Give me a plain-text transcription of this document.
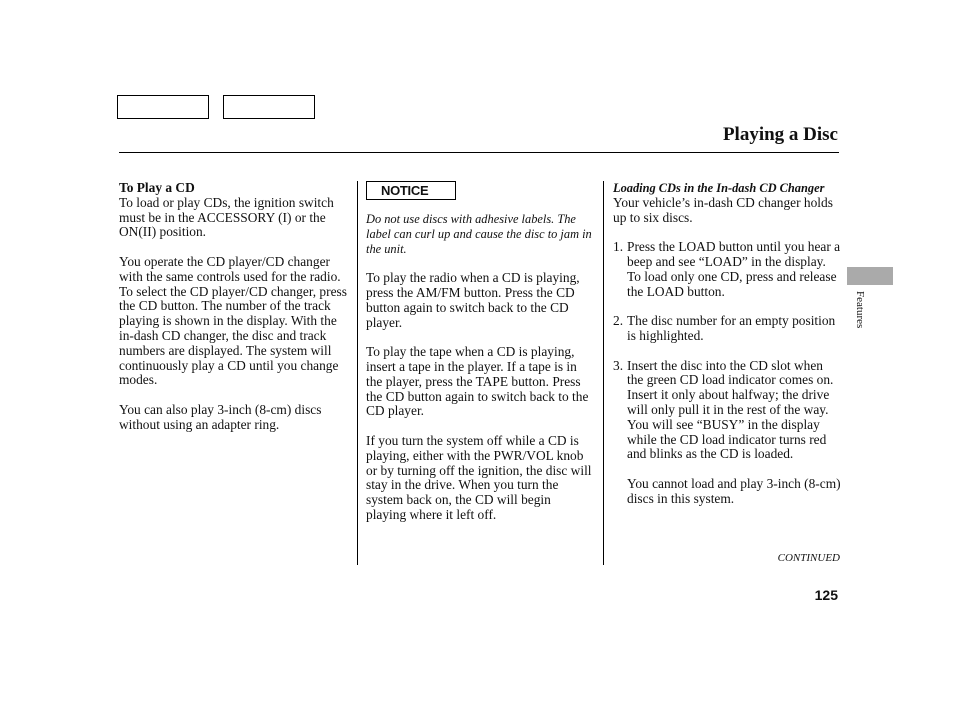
Playing a Disc
To Play a CD

To load or play CDs, the ignition switch must be in the ACCESSORY (I) or the ON(II) position.

You operate the CD player/CD changer with the same controls used for the radio. To select the CD player/CD changer, press the CD button. The number of the track playing is shown in the display. With the in-dash CD changer, the disc and track numbers are displayed. The system will continuously play a CD until you change modes.

You can also play 3-inch (8-cm) discs without using an adapter ring.

NOTICE

Do not use discs with adhesive labels. The label can curl up and cause the disc to jam in the unit.

To play the radio when a CD is playing, press the AM/FM button. Press the CD button again to switch back to the CD player.

To play the tape when a CD is playing, insert a tape in the player. If a tape is in the player, press the TAPE button. Press the CD button again to switch back to the CD player.

If you turn the system off while a CD is playing, either with the PWR/VOL knob or by turning off the ignition, the disc will stay in the drive. When you turn the system back on, the CD will begin playing where it left off.

Loading CDs in the In-dash CD Changer

Your vehicle’s in-dash CD changer holds up to six discs.

1. Press the LOAD button until you hear a beep and see “LOAD” in the display.
To load only one CD, press and release the LOAD button.
2. The disc number for an empty position is highlighted.
3. Insert the disc into the CD slot when the green CD load indicator comes on. Insert it only about halfway; the drive will only pull it in the rest of the way. You will see “BUSY” in the display while the CD load indicator turns red and blinks as the CD is loaded.

You cannot load and play 3-inch (8-cm) discs in this system.

CONTINUED
125
Features
